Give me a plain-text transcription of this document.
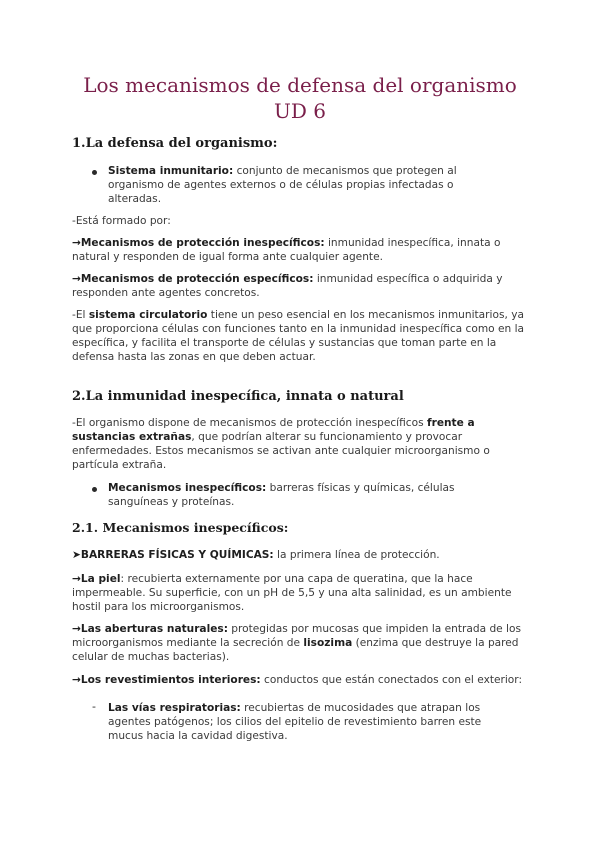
Los mecanismos de defensa del organismo
UD 6
1.La defensa del organismo:

Sistema inmunitario: conjunto de mecanismos que protegen al organismo de agentes externos o de células propias infectadas o alteradas.

-Está formado por:

→Mecanismos de protección inespecíficos: inmunidad inespecífica, innata o natural y responden de igual forma ante cualquier agente.

→Mecanismos de protección específicos: inmunidad específica o adquirida y responden ante agentes concretos.

-El sistema circulatorio tiene un peso esencial en los mecanismos inmunitarios, ya que proporciona células con funciones tanto en la inmunidad inespecífica como en la específica, y facilita el transporte de células y sustancias que toman parte en la defensa hasta las zonas en que deben actuar.

2.La inmunidad inespecífica, innata o natural

-El organismo dispone de mecanismos de protección inespecíficos frente a sustancias extrañas, que podrían alterar su funcionamiento y provocar enfermedades. Estos mecanismos se activan ante cualquier microorganismo o partícula extraña.

Mecanismos inespecíficos: barreras físicas y químicas, células sanguíneas y proteínas.

2.1. Mecanismos inespecíficos:

➤BARRERAS FÍSICAS Y QUÍMICAS: la primera línea de protección.

→La piel: recubierta externamente por una capa de queratina, que la hace impermeable. Su superficie, con un pH de 5,5 y una alta salinidad, es un ambiente hostil para los microorganismos.

→Las aberturas naturales: protegidas por mucosas que impiden la entrada de los microorganismos mediante la secreción de lisozima (enzima que destruye la pared celular de muchas bacterias).

→Los revestimientos interiores: conductos que están conectados con el exterior:

- Las vías respiratorias: recubiertas de mucosidades que atrapan los agentes patógenos; los cilios del epitelio de revestimiento barren este mucus hacia la cavidad digestiva.
